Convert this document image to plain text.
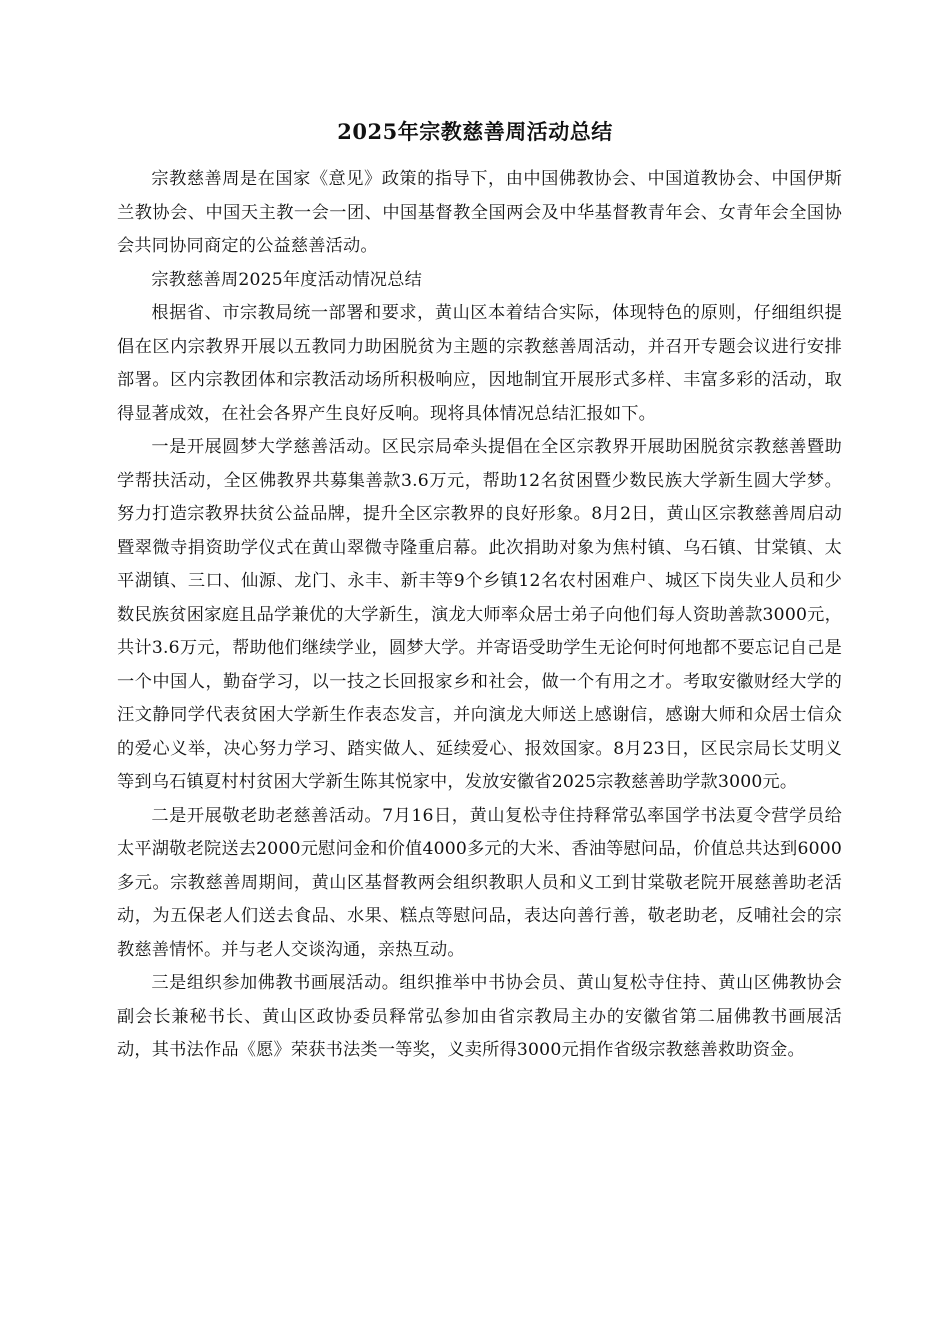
2025年宗教慈善周活动总结

宗教慈善周是在国家《意见》政策的指导下，由中国佛教协会、中国道教协会、中国伊斯兰教协会、中国天主教一会一团、中国基督教全国两会及中华基督教青年会、女青年会全国协会共同协同商定的公益慈善活动。

宗教慈善周2025年度活动情况总结

根据省、市宗教局统一部署和要求，黄山区本着结合实际，体现特色的原则，仔细组织提倡在区内宗教界开展以五教同力助困脱贫为主题的宗教慈善周活动，并召开专题会议进行安排部署。区内宗教团体和宗教活动场所积极响应，因地制宜开展形式多样、丰富多彩的活动，取得显著成效，在社会各界产生良好反响。现将具体情况总结汇报如下。

一是开展圆梦大学慈善活动。区民宗局牵头提倡在全区宗教界开展助困脱贫宗教慈善暨助学帮扶活动，全区佛教界共募集善款3.6万元，帮助12名贫困暨少数民族大学新生圆大学梦。努力打造宗教界扶贫公益品牌，提升全区宗教界的良好形象。8月2日，黄山区宗教慈善周启动暨翠微寺捐资助学仪式在黄山翠微寺隆重启幕。此次捐助对象为焦村镇、乌石镇、甘棠镇、太平湖镇、三口、仙源、龙门、永丰、新丰等9个乡镇12名农村困难户、城区下岗失业人员和少数民族贫困家庭且品学兼优的大学新生，演龙大师率众居士弟子向他们每人资助善款3000元，共计3.6万元，帮助他们继续学业，圆梦大学。并寄语受助学生无论何时何地都不要忘记自己是一个中国人，勤奋学习，以一技之长回报家乡和社会，做一个有用之才。考取安徽财经大学的汪文静同学代表贫困大学新生作表态发言，并向演龙大师送上感谢信，感谢大师和众居士信众的爱心义举，决心努力学习、踏实做人、延续爱心、报效国家。8月23日，区民宗局长艾明义等到乌石镇夏村村贫困大学新生陈其悦家中，发放安徽省2025宗教慈善助学款3000元。

二是开展敬老助老慈善活动。7月16日，黄山复松寺住持释常弘率国学书法夏令营学员给太平湖敬老院送去2000元慰问金和价值4000多元的大米、香油等慰问品，价值总共达到6000多元。宗教慈善周期间，黄山区基督教两会组织教职人员和义工到甘棠敬老院开展慈善助老活动，为五保老人们送去食品、水果、糕点等慰问品，表达向善行善，敬老助老，反哺社会的宗教慈善情怀。并与老人交谈沟通，亲热互动。

三是组织参加佛教书画展活动。组织推举中书协会员、黄山复松寺住持、黄山区佛教协会副会长兼秘书长、黄山区政协委员释常弘参加由省宗教局主办的安徽省第二届佛教书画展活动，其书法作品《愿》荣获书法类一等奖，义卖所得3000元捐作省级宗教慈善救助资金。
